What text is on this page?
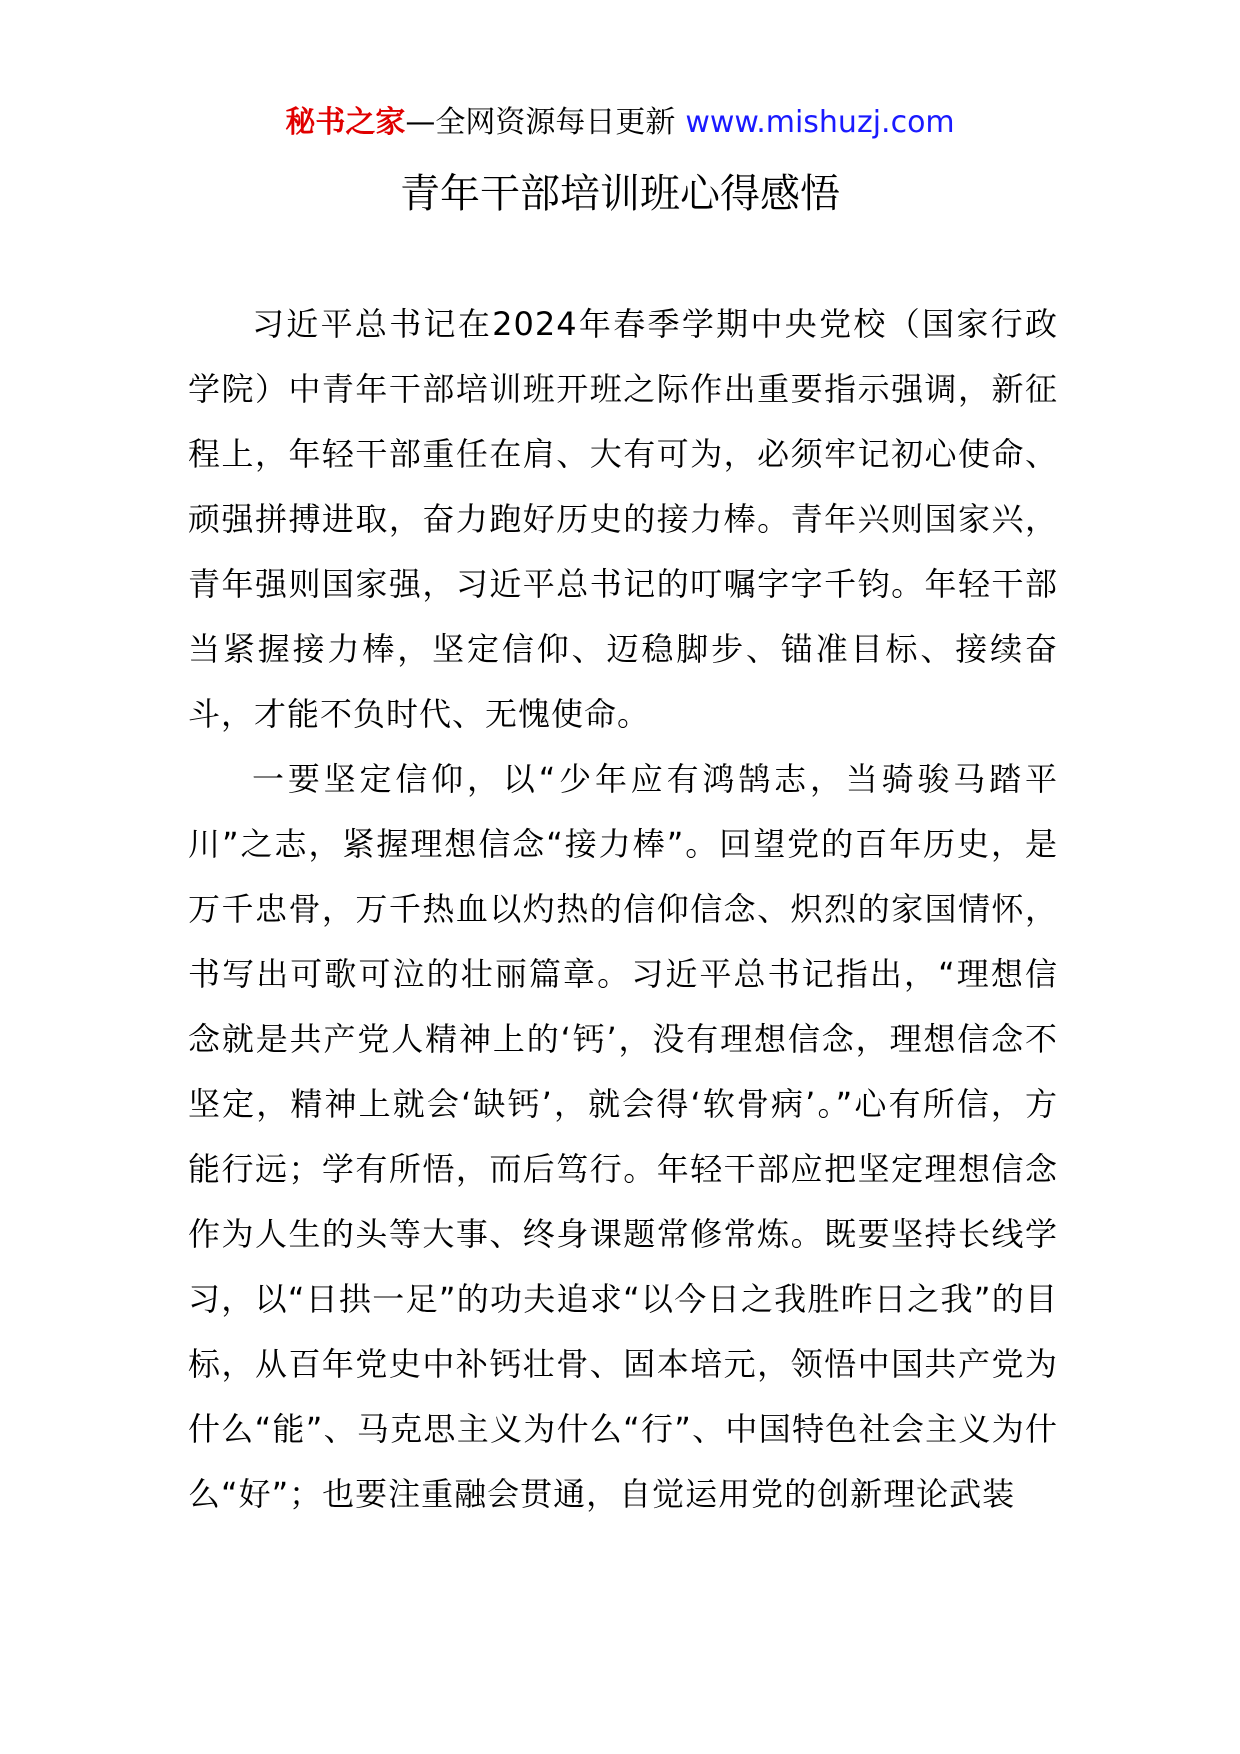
秘书之家—全网资源每日更新 www.mishuzj.com
青年干部培训班心得感悟

习近平总书记在2024年春季学期中央党校（国家行政学院）中青年干部培训班开班之际作出重要指示强调，新征程上，年轻干部重任在肩、大有可为，必须牢记初心使命、顽强拼搏进取，奋力跑好历史的接力棒。青年兴则国家兴，青年强则国家强，习近平总书记的叮嘱字字千钧。年轻干部当紧握接力棒，坚定信仰、迈稳脚步、锚准目标、接续奋斗，才能不负时代、无愧使命。

一要坚定信仰，以“少年应有鸿鹄志，当骑骏马踏平川”之志，紧握理想信念“接力棒”。回望党的百年历史，是万千忠骨，万千热血以灼热的信仰信念、炽烈的家国情怀，书写出可歌可泣的壮丽篇章。习近平总书记指出，“理想信念就是共产党人精神上的‘钙’，没有理想信念，理想信念不坚定，精神上就会‘缺钙’，就会得‘软骨病’。”心有所信，方能行远；学有所悟，而后笃行。年轻干部应把坚定理想信念作为人生的头等大事、终身课题常修常炼。既要坚持长线学习，以“日拱一足”的功夫追求“以今日之我胜昨日之我”的目标，从百年党史中补钙壮骨、固本培元，领悟中国共产党为什么“能”、马克思主义为什么“行”、中国特色社会主义为什么“好”；也要注重融会贯通，自觉运用党的创新理论武装
